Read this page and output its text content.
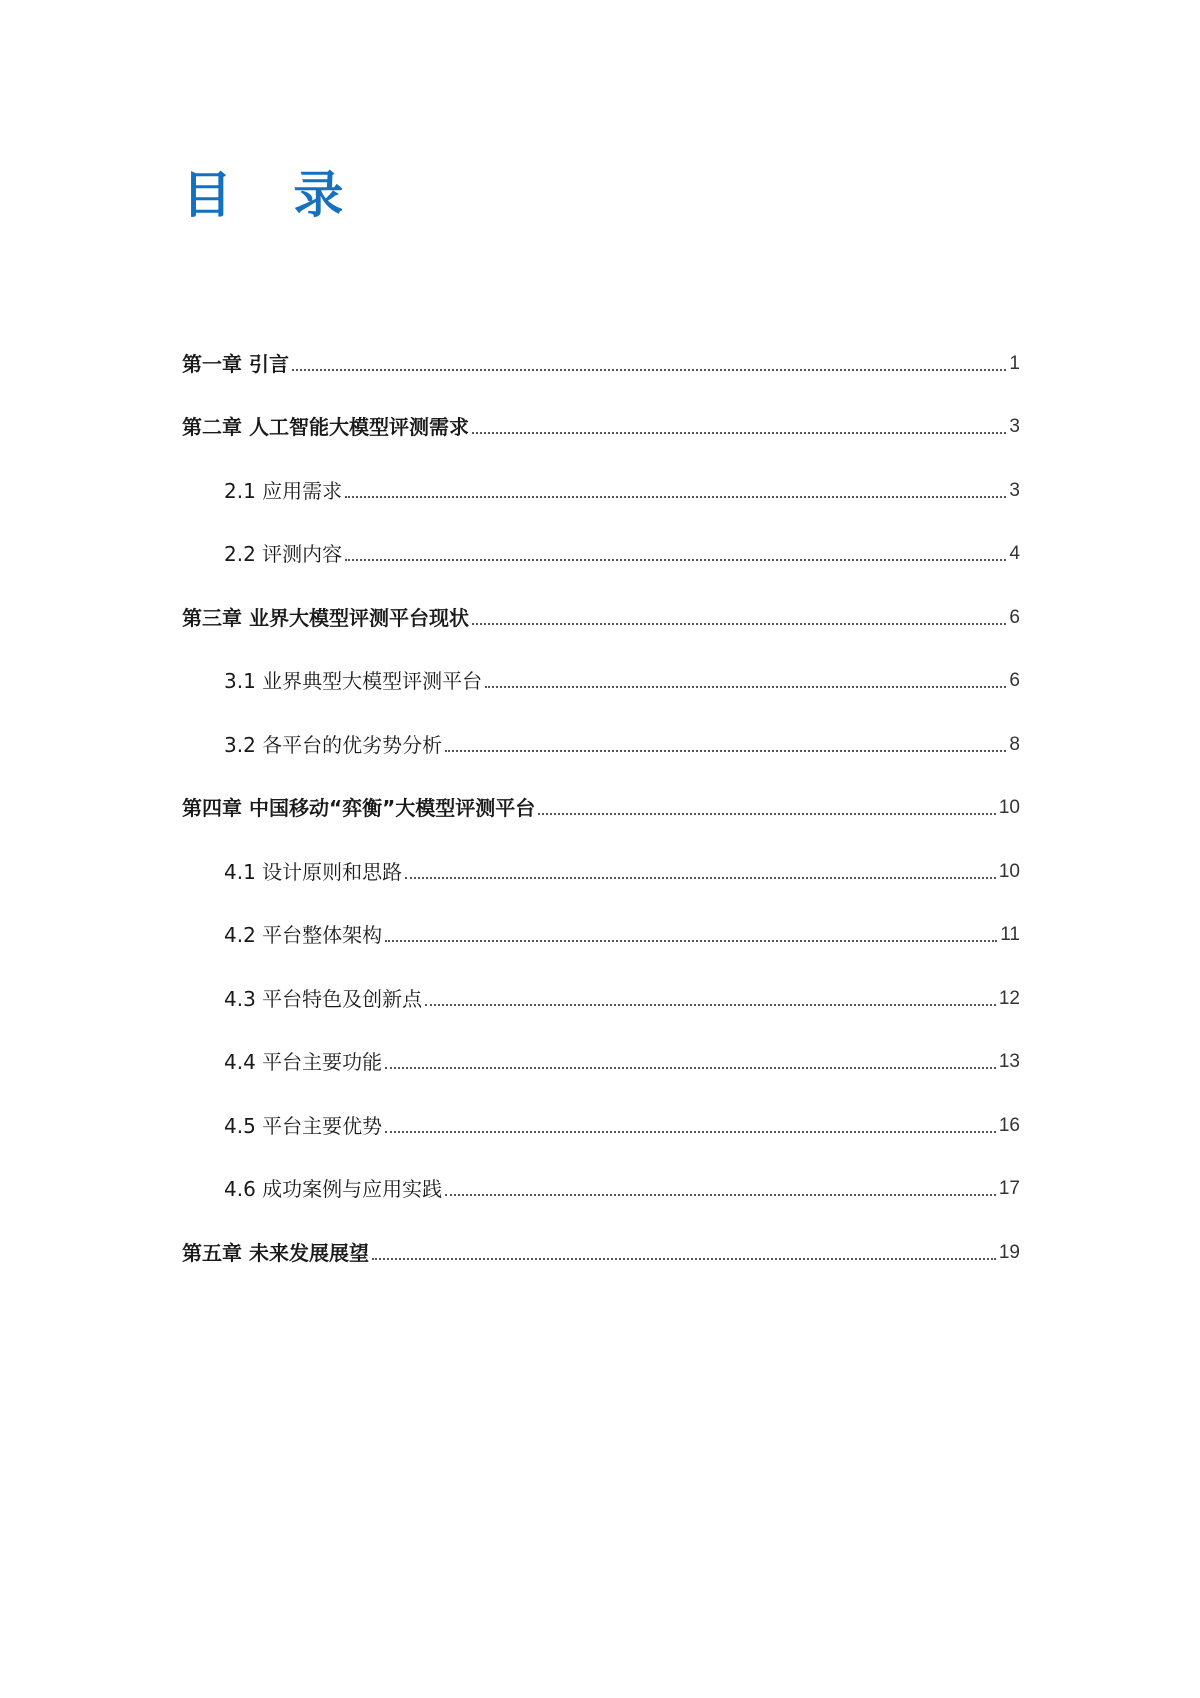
目 录
第一章 引言	1
第二章 人工智能大模型评测需求	3
2.1 应用需求	3
2.2 评测内容	4
第三章 业界大模型评测平台现状	6
3.1 业界典型大模型评测平台	6
3.2 各平台的优劣势分析	8
第四章 中国移动“弈衡”大模型评测平台	10
4.1 设计原则和思路	10
4.2 平台整体架构	11
4.3 平台特色及创新点	12
4.4 平台主要功能	13
4.5 平台主要优势	16
4.6 成功案例与应用实践	17
第五章 未来发展展望	19
